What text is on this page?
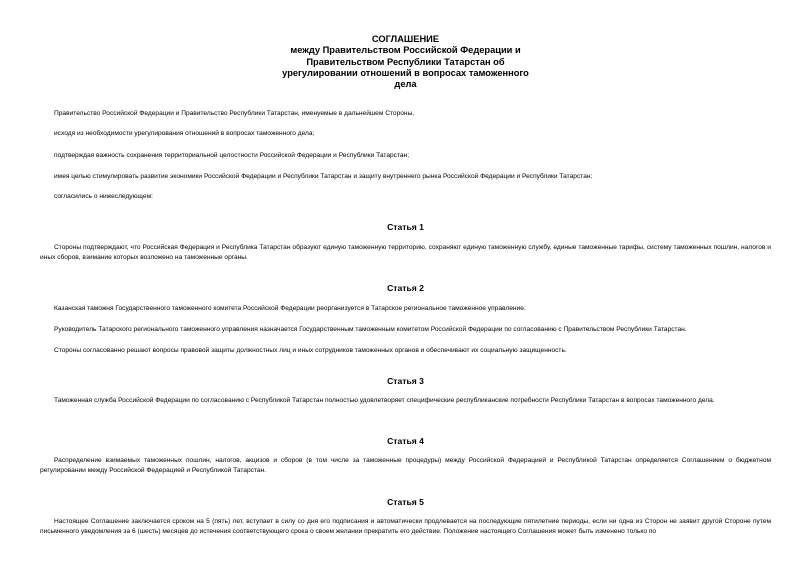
СОГЛАШЕНИЕ
между Правительством Российской Федерации и
Правительством Республики Татарстан об
урегулировании отношений в вопросах таможенного
дела
Правительство Российской Федерации и Правительство Республики Татарстан, именуемые в дальнейшем Стороны,
исходя из необходимости урегулирования отношений в вопросах таможенного дела;
подтверждая важность сохранения территориальной целостности Российской Федерации и Республики Татарстан;
имея целью стимулировать развитие экономики Российской Федерации и Республики Татарстан и защиту внутреннего рынка Российской Федерации и Республики Татарстан;
согласились о нижеследующем:
Статья 1
Стороны подтверждают, что Российская Федерация и Республика Татарстан образуют единую таможенную территорию, сохраняют единую таможенную службу, единые таможенные тарифы, систему таможенных пошлин, налогов и иных сборов, взимание которых возложено на таможенные органы.
Статья 2
Казанская таможня Государственного таможенного комитета Российской Федерации реорганизуется в Татарское региональное таможенное управление.
Руководитель Татарского регионального таможенного управления назначается Государственным таможенным комитетом Российской Федерации по согласованию с Правительством Республики Татарстан.
Стороны согласованно решают вопросы правовой защиты должностных лиц и иных сотрудников таможенных органов и обеспечивают их социальную защищенность.
Статья 3
Таможенная служба Российской Федерации по согласованию с Республикой Татарстан полностью удовлетворяет специфические республиканские потребности Республики Татарстан в вопросах таможенного дела.
Статья 4
Распределение взимаемых таможенных пошлин, налогов, акцизов и сборов (в том числе за таможенные процедуры) между Российской Федерацией и Республикой Татарстан определяется Соглашением о бюджетном регулировании между Российской Федерацией и Республикой Татарстан.
Статья 5
Настоящее Соглашение заключается сроком на 5 (пять) лет, вступает в силу со дня его подписания и автоматически продлевается на последующие пятилетние периоды, если ни одна из Сторон не заявит другой Стороне путем письменного уведомления за 6 (шесть) месяцев до истечения соответствующего срока о своем желании прекратить его действие. Положение настоящего Соглашения может быть изменено только по
